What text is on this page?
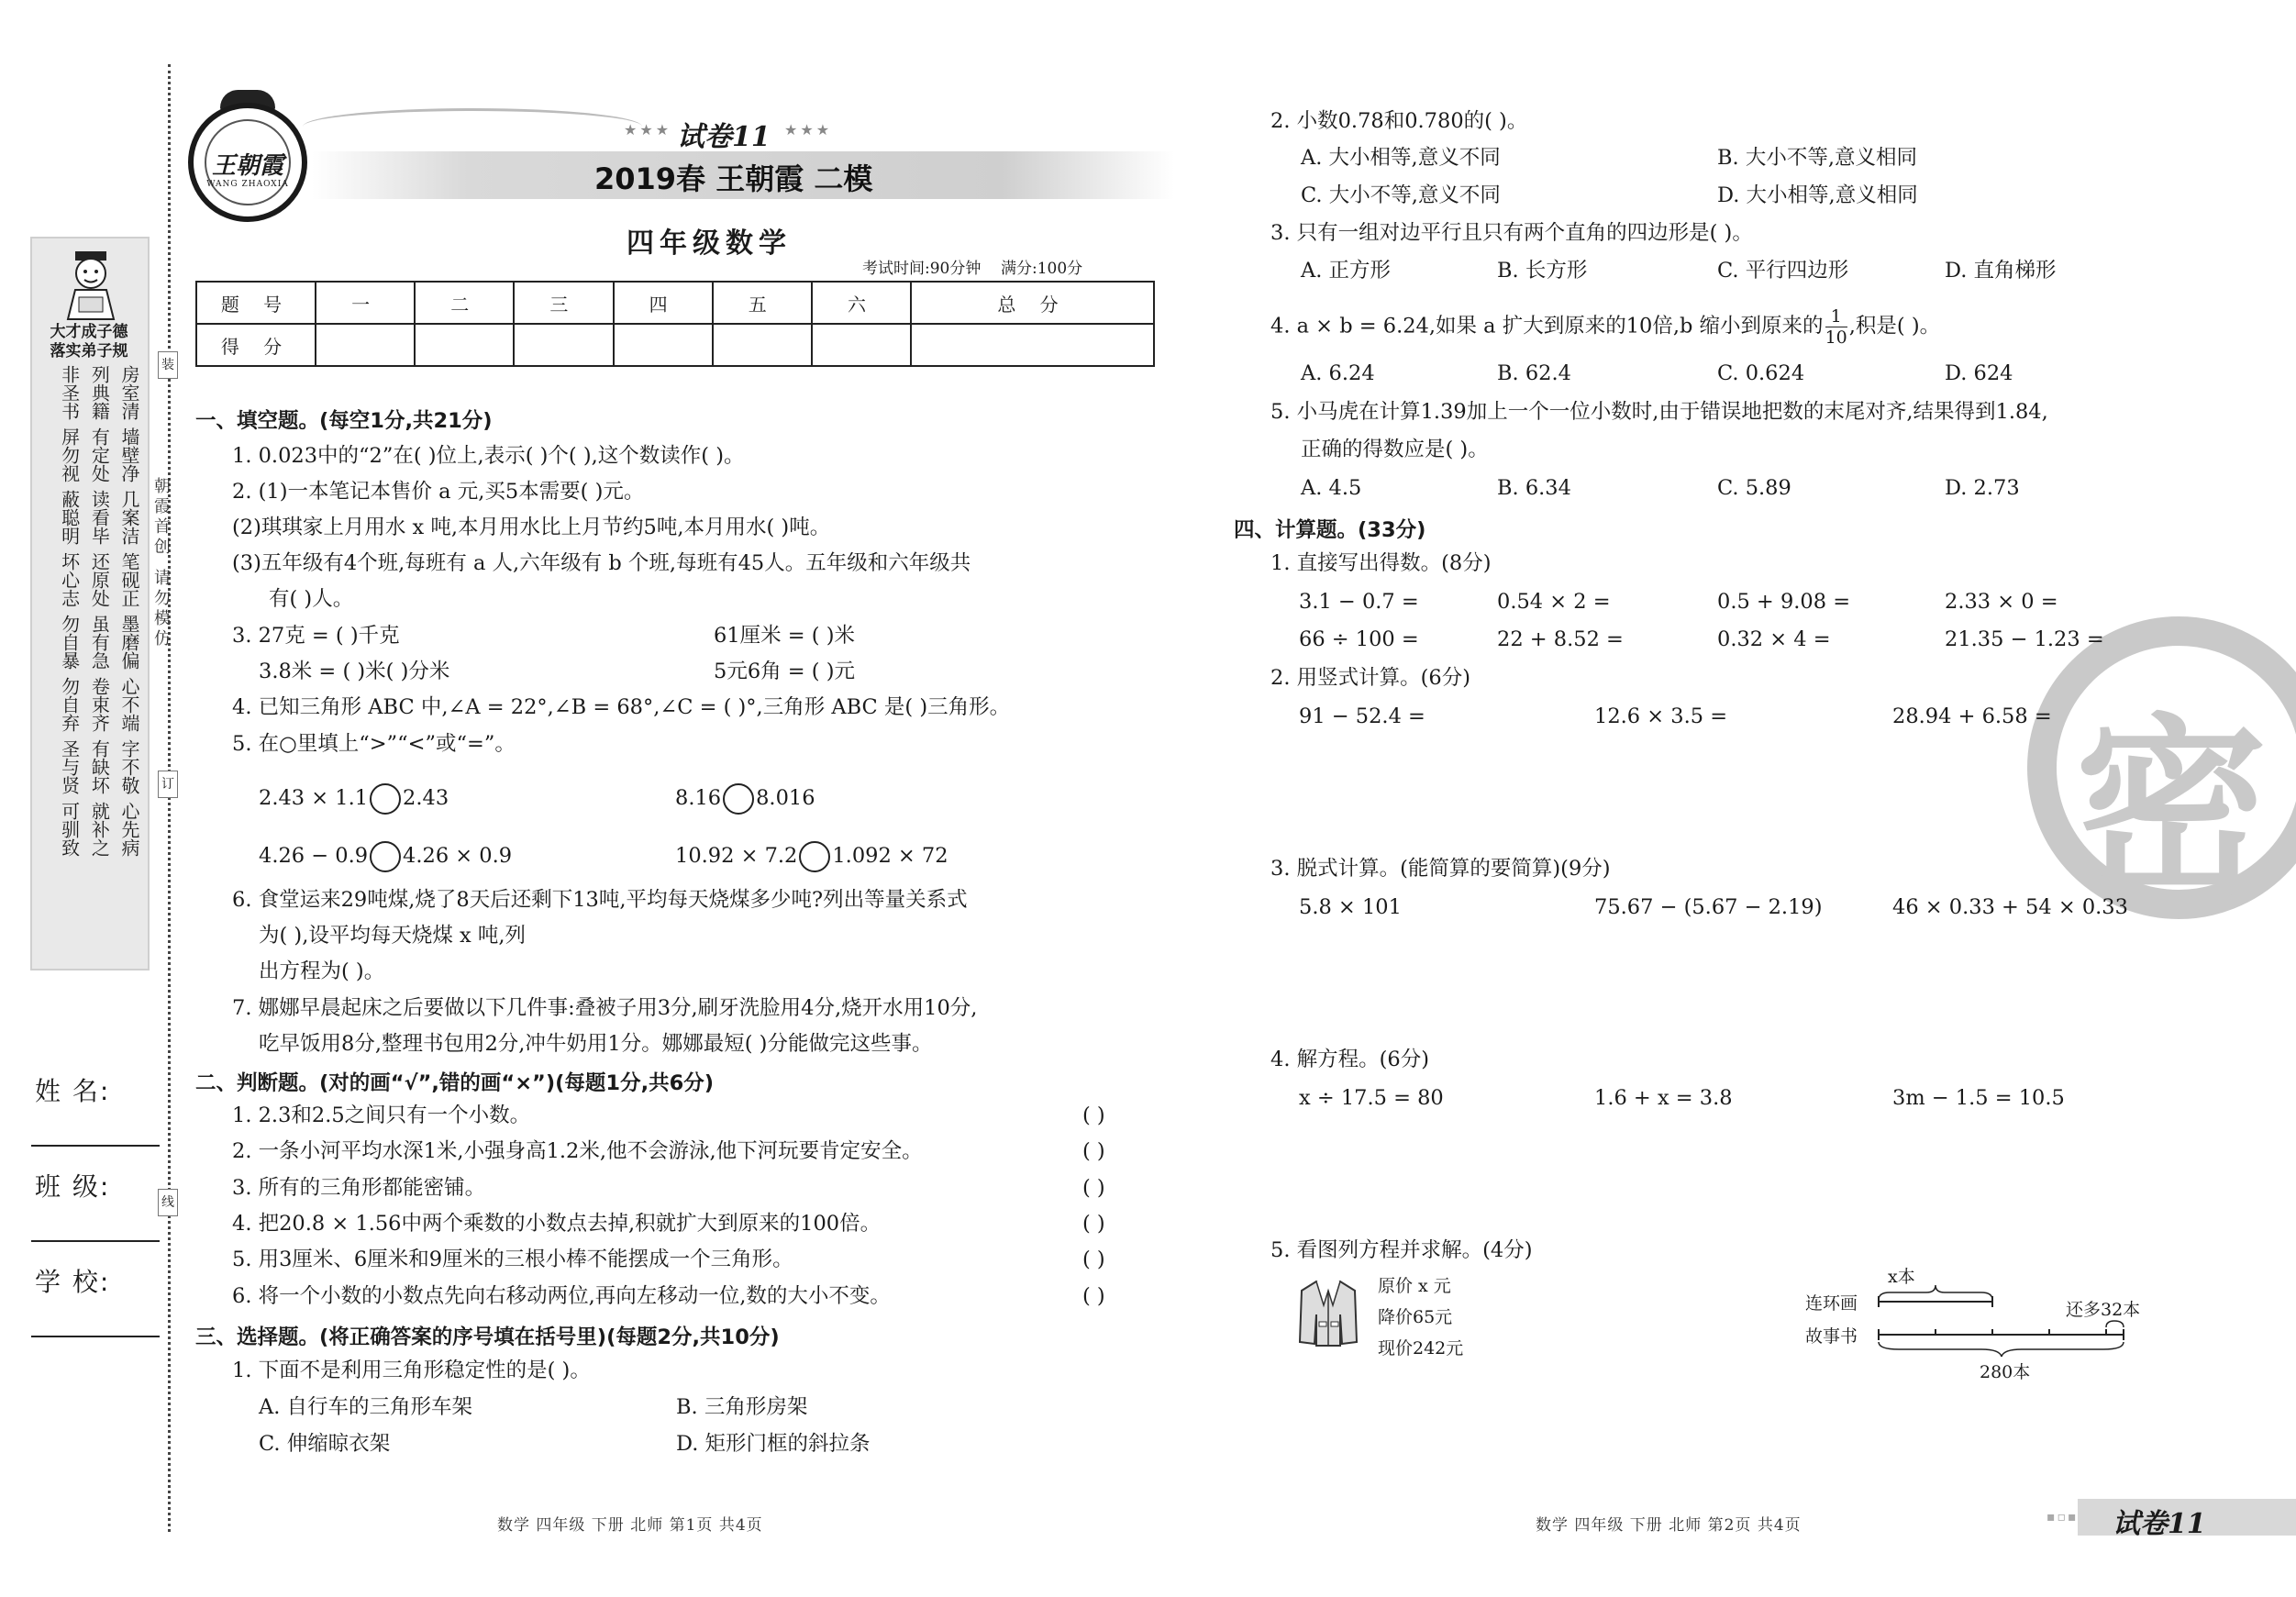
大才成子德
落实弟子规
非圣书 列典籍 房室清
屏勿视 有定处 墙壁净
蔽聪明 读看毕 几案洁
坏心志 还原处 笔砚正
勿自暴 虽有急 墨磨偏
勿自弃 卷束齐 心不端
圣与贤 有缺坏 字不敬
可驯致 就补之 心先病
装
订
线
朝霞首创
请勿模仿
姓 名:
班 级:
学 校:
王朝霞
WANG ZHAOXIA
★★★ 试卷11 ★★★
2019春 王朝霞 二模
四年级数学
考试时间:90分钟 满分:100分
题 号	一	二	三	四	五	六	总 分
得 分							
一、填空题。(每空1分,共21分)
1. 0.023中的“2”在( )位上,表示( )个( ),这个数读作( )。
2. (1)一本笔记本售价 a 元,买5本需要( )元。
(2)琪琪家上月用水 x 吨,本月用水比上月节约5吨,本月用水( )吨。
(3)五年级有4个班,每班有 a 人,六年级有 b 个班,每班有45人。五年级和六年级共
有( )人。
3. 27克 = ( )千克	61厘米 = ( )米
3.8米 = ( )米( )分米	5元6角 = ( )元
4. 已知三角形 ABC 中,∠A = 22°,∠B = 68°,∠C = ( )°,三角形 ABC 是( )三角形。
5. 在○里填上“>”“<”或“=”。
2.43 × 1.1 2.43	8.16 8.016
4.26 − 0.9 4.26 × 0.9	10.92 × 7.2 1.092 × 72
6. 食堂运来29吨煤,烧了8天后还剩下13吨,平均每天烧煤多少吨?列出等量关系式
为( ),设平均每天烧煤 x 吨,列
出方程为( )。
7. 娜娜早晨起床之后要做以下几件事:叠被子用3分,刷牙洗脸用4分,烧开水用10分,
吃早饭用8分,整理书包用2分,冲牛奶用1分。娜娜最短( )分能做完这些事。
二、判断题。(对的画“√”,错的画“×”)(每题1分,共6分)
1. 2.3和2.5之间只有一个小数。	( )
2. 一条小河平均水深1米,小强身高1.2米,他不会游泳,他下河玩要肯定安全。	( )
3. 所有的三角形都能密铺。	( )
4. 把20.8 × 1.56中两个乘数的小数点去掉,积就扩大到原来的100倍。	( )
5. 用3厘米、6厘米和9厘米的三根小棒不能摆成一个三角形。	( )
6. 将一个小数的小数点先向右移动两位,再向左移动一位,数的大小不变。	( )
三、选择题。(将正确答案的序号填在括号里)(每题2分,共10分)
1. 下面不是利用三角形稳定性的是( )。
A. 自行车的三角形车架	B. 三角形房架
C. 伸缩晾衣架	D. 矩形门框的斜拉条
数学 四年级 下册 北师 第1页 共4页
密
2. 小数0.78和0.780的( )。
A. 大小相等,意义不同	B. 大小不等,意义相同
C. 大小不等,意义不同	D. 大小相等,意义相同
3. 只有一组对边平行且只有两个直角的四边形是( )。
A. 正方形	B. 长方形	C. 平行四边形	D. 直角梯形
4. a × b = 6.24,如果 a 扩大到原来的10倍,b 缩小到原来的 $\frac{1}{10}$,积是( )。
A. 6.24	B. 62.4	C. 0.624	D. 624
5. 小马虎在计算1.39加上一个一位小数时,由于错误地把数的末尾对齐,结果得到1.84,
正确的得数应是( )。
A. 4.5	B. 6.34	C. 5.89	D. 2.73
四、计算题。(33分)
1. 直接写出得数。(8分)
3.1 − 0.7 =	0.54 × 2 =	0.5 + 9.08 =	2.33 × 0 =
66 ÷ 100 =	22 + 8.52 =	0.32 × 4 =	21.35 − 1.23 =
2. 用竖式计算。(6分)
91 − 52.4 =	12.6 × 3.5 =	28.94 + 6.58 =
3. 脱式计算。(能简算的要简算)(9分)
5.8 × 101	75.67 − (5.67 − 2.19)	46 × 0.33 + 54 × 0.33
4. 解方程。(6分)
x ÷ 17.5 = 80	1.6 + x = 3.8	3m − 1.5 = 10.5
5. 看图列方程并求解。(4分)
原价 x 元
降价65元
现价242元
x本
连环画
故事书
还多32本
280本
数学 四年级 下册 北师 第2页 共4页	▪▫▪ 试卷11
